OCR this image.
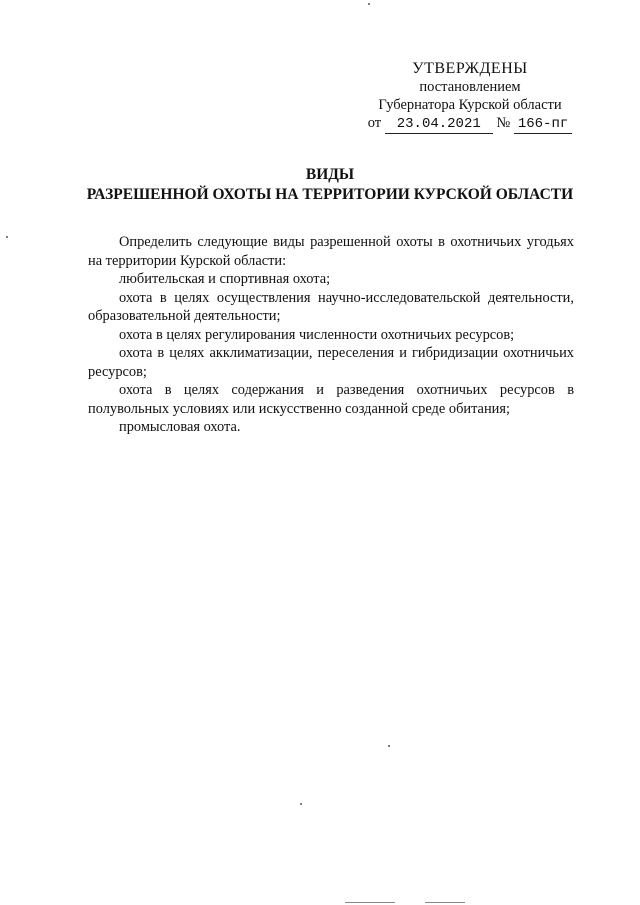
УТВЕРЖДЕНЫ
постановлением
Губернатора Курской области
от 23.04.2021 № 166-пг
ВИДЫ
РАЗРЕШЕННОЙ ОХОТЫ НА ТЕРРИТОРИИ КУРСКОЙ ОБЛАСТИ

Определить следующие виды разрешенной охоты в охотничьих угодьях на территории Курской области:

любительская и спортивная охота;

охота в целях осуществления научно-исследовательской деятельности, образовательной деятельности;

охота в целях регулирования численности охотничьих ресурсов;

охота в целях акклиматизации, переселения и гибридизации охотничьих ресурсов;

охота в целях содержания и разведения охотничьих ресурсов в полувольных условиях или искусственно созданной среде обитания;

промысловая охота.
